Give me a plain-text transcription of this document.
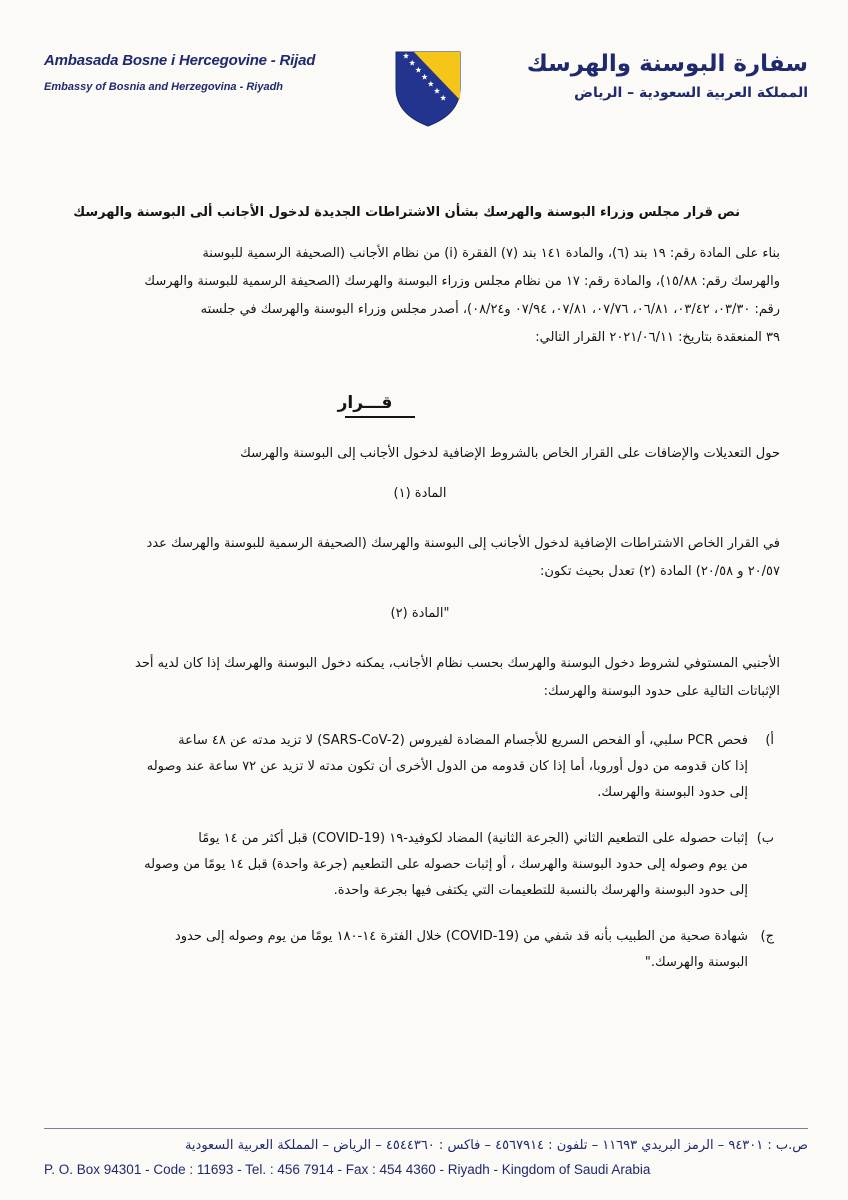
Ambasada Bosne i Hercegovine - Rijad
Embassy of Bosnia and Herzegovina - Riyadh
سفارة البوسنة والهرسك
المملكة العربية السعودية – الرياض
نص قرار مجلس وزراء البوسنة والهرسك بشأن الاشتراطات الجديدة لدخول الأجانب ألى البوسنة والهرسك

بناء على المادة رقم: ١٩ بند (٦)، والمادة ١٤١ بند (٧) الفقرة (i) من نظام الأجانب (الصحيفة الرسمية للبوسنة

والهرسك رقم: ١٥/٨٨)، والمادة رقم: ١٧ من نظام مجلس وزراء البوسنة والهرسك (الصحيفة الرسمية للبوسنة والهرسك

رقم: ٠٣/٣٠، ٠٣/٤٢، ٠٦/٨١، ٠٧/٧٦، ٠٧/٨١، ٠٧/٩٤ و٠٨/٢٤)، أصدر مجلس وزراء البوسنة والهرسك في جلسته

٣٩ المنعقدة بتاريخ: ٢٠٢١/٠٦/١١ القرار التالي:

قـــرار

حول التعديلات والإضافات على القرار الخاص بالشروط الإضافية لدخول الأجانب إلى البوسنة والهرسك

المادة (١)

في القرار الخاص الاشتراطات الإضافية لدخول الأجانب إلى البوسنة والهرسك (الصحيفة الرسمية للبوسنة والهرسك عدد

٢٠/٥٧ و ٢٠/٥٨) المادة (٢) تعدل بحيث تكون:

"المادة (٢)

الأجنبي المستوفي لشروط دخول البوسنة والهرسك بحسب نظام الأجانب، يمكنه دخول البوسنة والهرسك إذا كان لديه أحد

الإثباتات التالية على حدود البوسنة والهرسك:

أ)

فحص PCR سلبي، أو الفحص السريع للأجسام المضادة لفيروس (SARS-CoV-2) لا تزيد مدته عن ٤٨ ساعة

إذا كان قدومه من دول أوروبا، أما إذا كان قدومه من الدول الأخرى أن تكون مدته لا تزيد عن ٧٢ ساعة عند وصوله

إلى حدود البوسنة والهرسك.

ب)

إثبات حصوله على التطعيم الثاني (الجرعة الثانية) المضاد لكوفيد-١٩ (COVID-19) قبل أكثر من ١٤ يومًا

من يوم وصوله إلى حدود البوسنة والهرسك ، أو إثبات حصوله على التطعيم (جرعة واحدة) قبل ١٤ يومًا من وصوله

إلى حدود البوسنة والهرسك بالنسبة للتطعيمات التي يكتفى فيها بجرعة واحدة.

ج)

شهادة صحية من الطبيب بأنه قد شفي من (COVID-19) خلال الفترة ١٤-١٨٠ يومًا من يوم وصوله إلى حدود

البوسنة والهرسك."

ص.ب : ٩٤٣٠١ – الرمز البريدي ١١٦٩٣ – تلفون : ٤٥٦٧٩١٤ – فاكس : ٤٥٤٤٣٦٠ – الرياض – المملكة العربية السعودية
P. O. Box 94301 - Code : 11693 - Tel. : 456 7914 - Fax : 454 4360 - Riyadh - Kingdom of Saudi Arabia
